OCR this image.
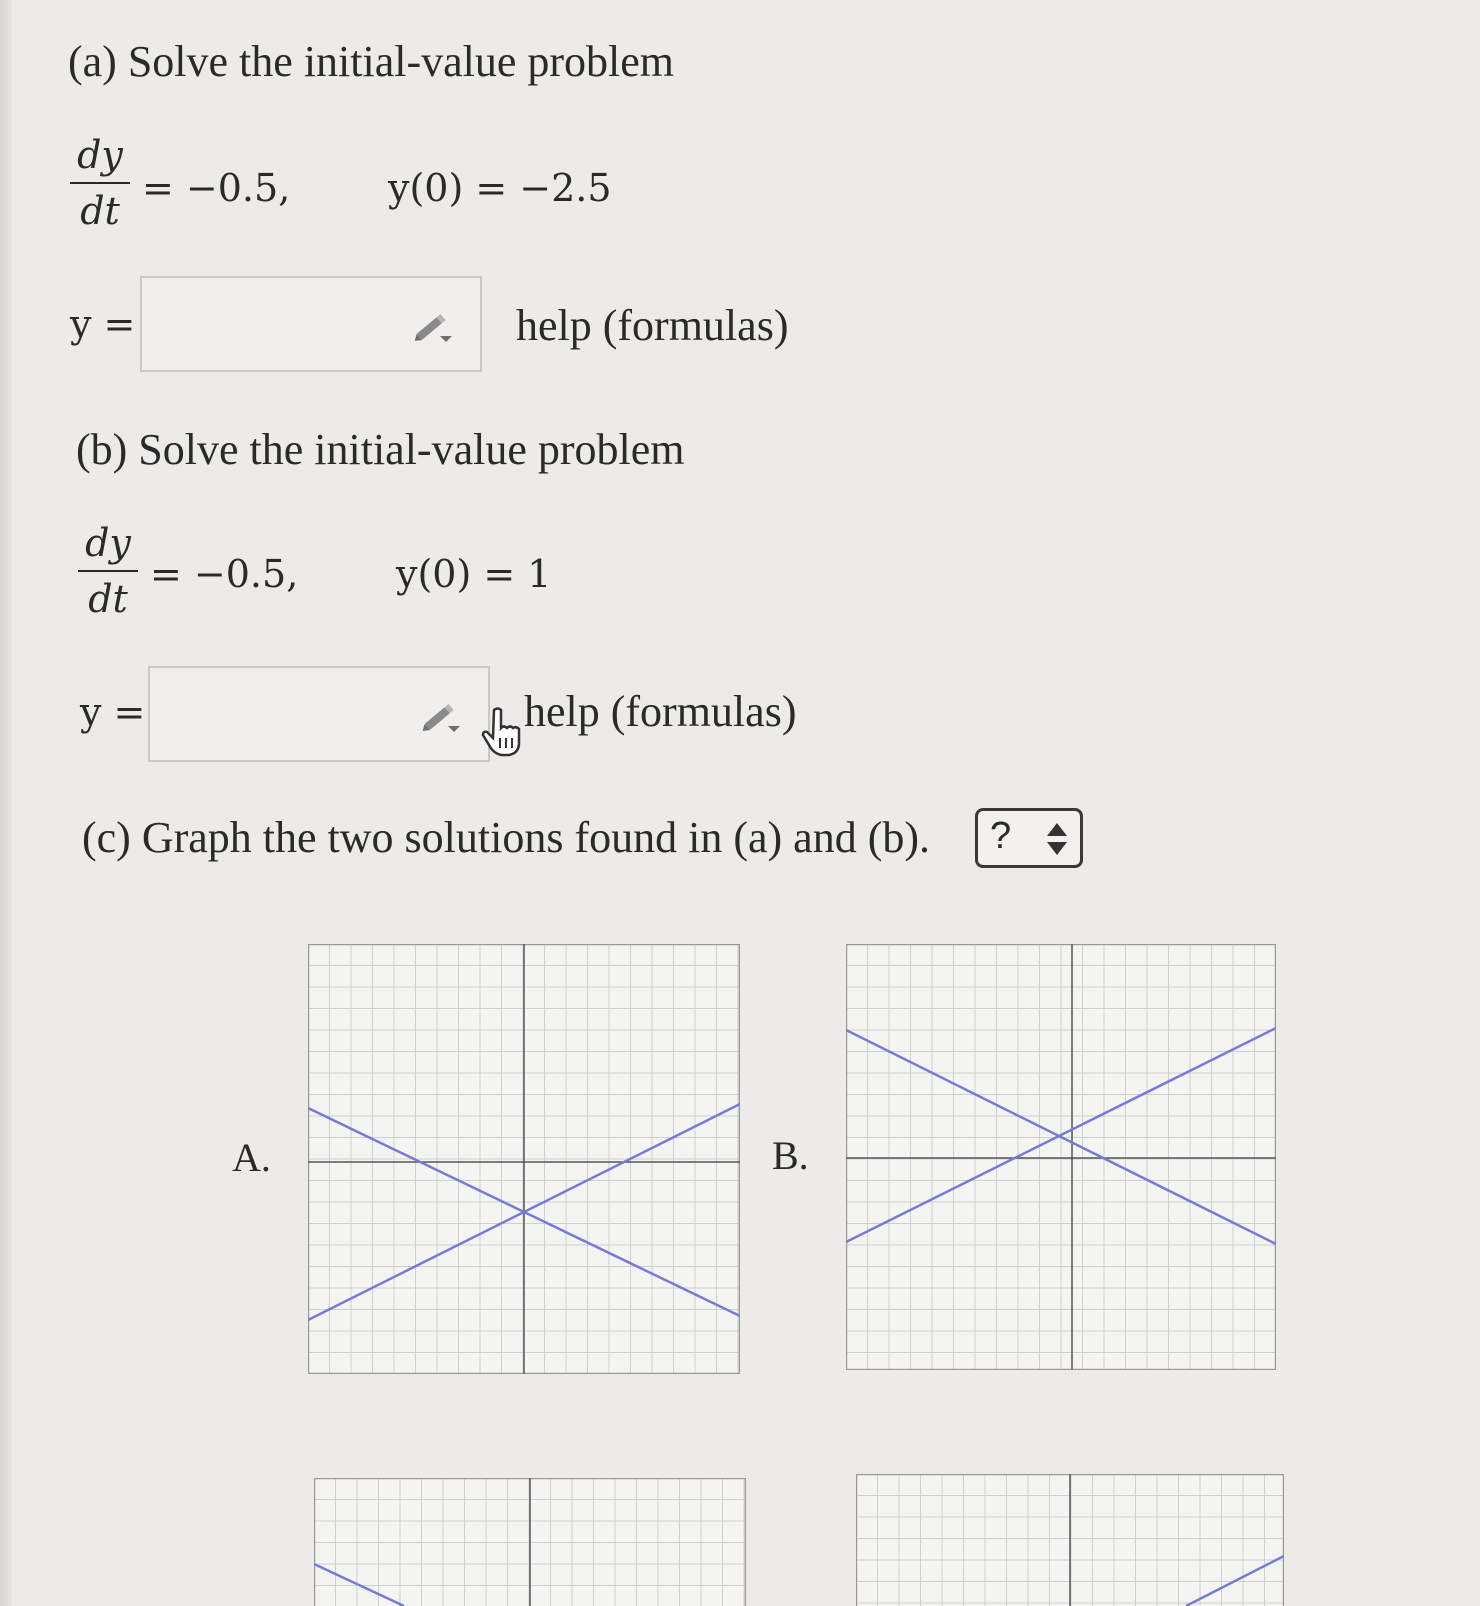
(a) Solve the initial-value problem
dy
dt
= −0.5,	y(0) = −2.5
y =	help (formulas)
(b) Solve the initial-value problem
dy
dt
= −0.5,	y(0) = 1
y =	help (formulas)
(c) Graph the two solutions found in (a) and (b). ?
A.	B.
